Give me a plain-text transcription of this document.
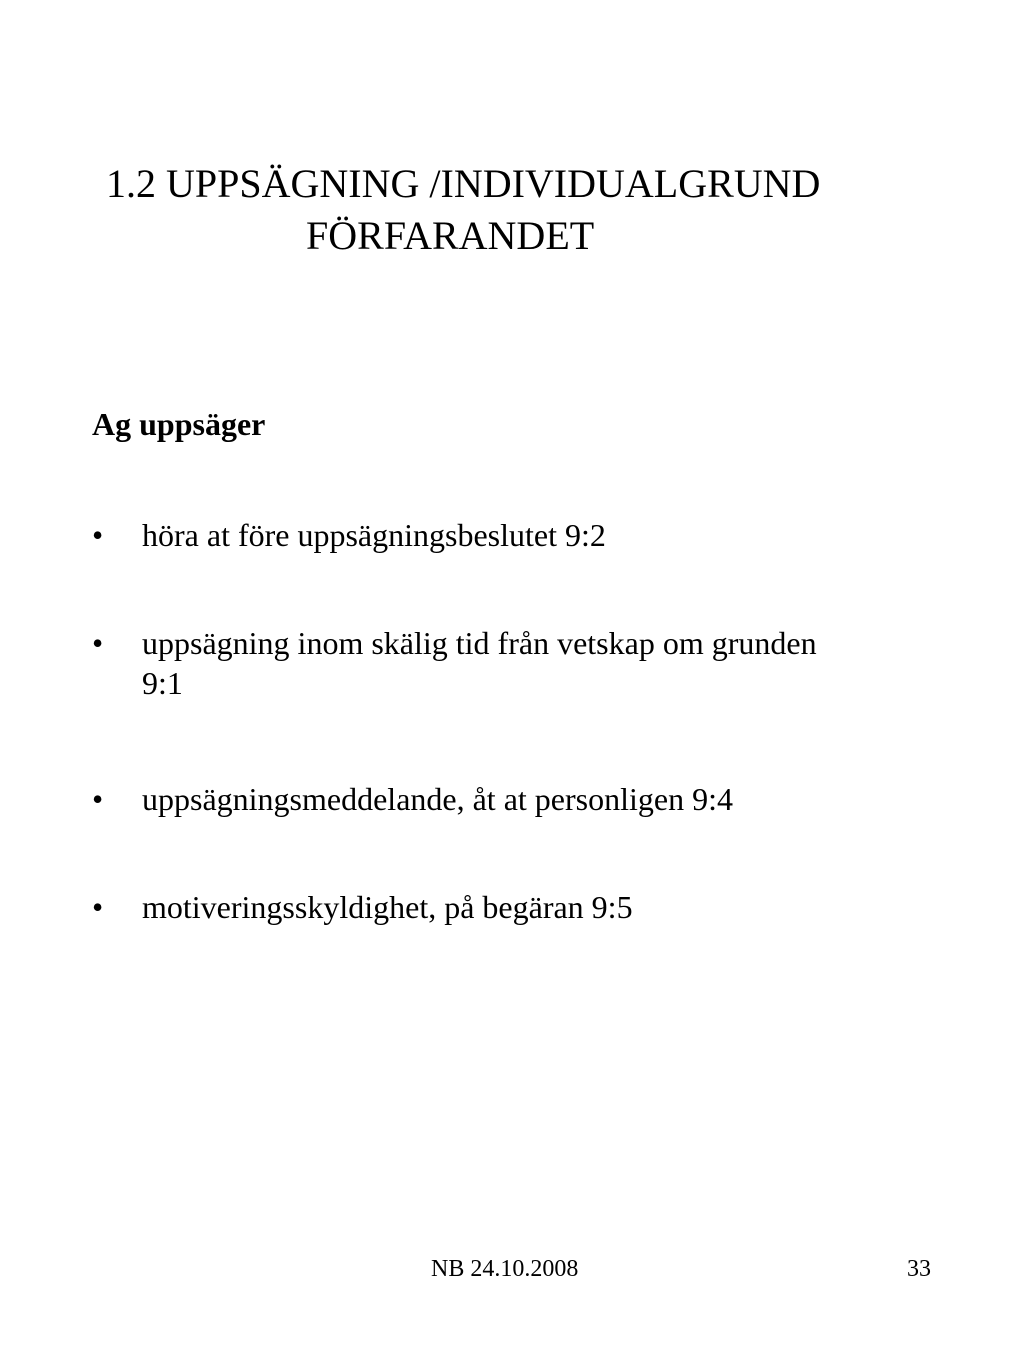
1.2 UPPSÄGNING /INDIVIDUALGRUND
FÖRFARANDET
Ag uppsäger
• höra at före uppsägningsbeslutet 9:2
• uppsägning inom skälig tid från vetskap om grunden 9:1
• uppsägningsmeddelande, åt at personligen 9:4
• motiveringsskyldighet, på begäran 9:5
NB 24.10.2008	33
